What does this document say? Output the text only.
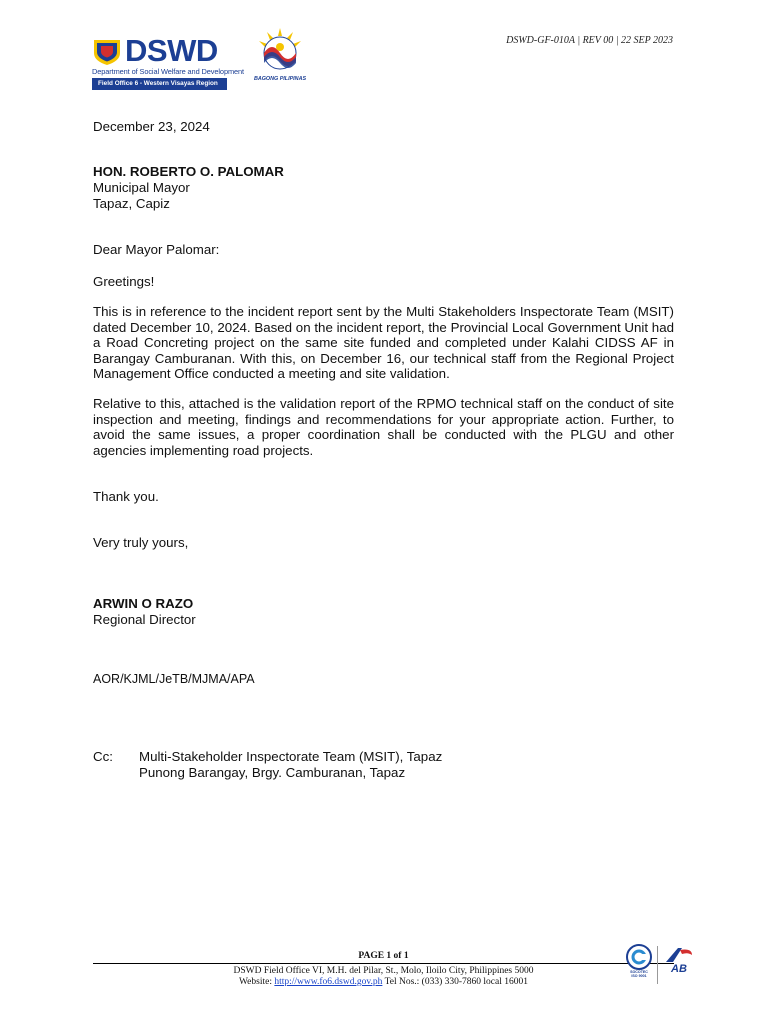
DSWD
Department of Social Welfare and Development
Field Office 6 - Western Visayas Region
BAGONG PILIPINAS
DSWD-GF-010A | REV 00 | 22 SEP 2023
December 23, 2024
HON. ROBERTO O. PALOMAR
Municipal Mayor
Tapaz, Capiz
Dear Mayor Palomar:
Greetings!
This is in reference to the incident report sent by the Multi Stakeholders Inspectorate Team (MSIT) dated December 10, 2024. Based on the incident report, the Provincial Local Government Unit had a Road Concreting project on the same site funded and completed under Kalahi CIDSS AF in Barangay Camburanan. With this, on December 16, our technical staff from the Regional Project Management Office conducted a meeting and site validation.
Relative to this, attached is the validation report of the RPMO technical staff on the conduct of site inspection and meeting, findings and recommendations for your appropriate action. Further, to avoid the same issues, a proper coordination shall be conducted with the PLGU and other agencies implementing road projects.
Thank you.
Very truly yours,
ARWIN O RAZO
Regional Director
AOR/KJML/JeTB/MJMA/APA
Cc: Multi-Stakeholder Inspectorate Team (MSIT), Tapaz
Punong Barangay, Brgy. Camburanan, Tapaz
PAGE 1 of 1
DSWD Field Office VI, M.H. del Pilar, St., Molo, Iloilo City, Philippines 5000
Website: http://www.fo6.dswd.gov.ph Tel Nos.: (033) 330-7860 local 16001
SOCOTEC
ISO 9001
AB
